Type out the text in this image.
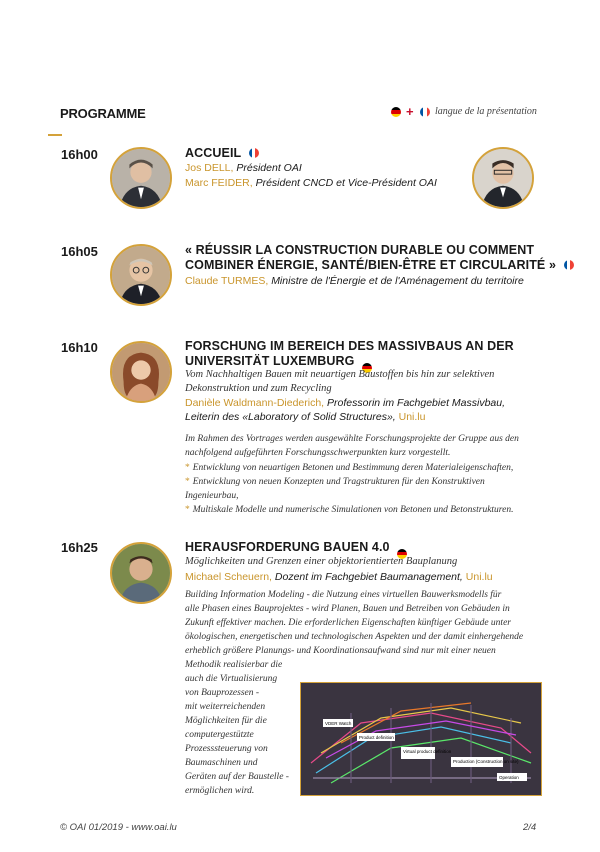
PROGRAMME	+ langue de la présentation
16h00	ACCUEIL
Jos DELL, Président OAI
Marc FEIDER, Président CNCD et Vice-Président OAI
16h05	« RÉUSSIR LA CONSTRUCTION DURABLE OU COMMENT
COMBINER ÉNERGIE, SANTÉ/BIEN-ÊTRE ET CIRCULARITÉ »
Claude TURMES, Ministre de l'Énergie et de l'Aménagement du territoire
16h10	FORSCHUNG IM BEREICH DES MASSIVBAUS AN DER
UNIVERSITÄT LUXEMBURG
Vom Nachhaltigen Bauen mit neuartigen Baustoffen bis hin zur selektiven
Dekonstruktion und zum Recycling
Danièle Waldmann-Diederich, Professorin im Fachgebiet Massivbau,
Leiterin des «Laboratory of Solid Structures», Uni.lu
Im Rahmen des Vortrages werden ausgewählte Forschungsprojekte der Gruppe aus den
nachfolgend aufgeführten Forschungsschwerpunkten kurz vorgestellt.
* Entwicklung von neuartigen Betonen und Bestimmung deren Materialeigenschaften,
* Entwicklung von neuen Konzepten und Tragstrukturen für den Konstruktiven
Ingenieurbau,
* Multiskale Modelle und numerische Simulationen von Betonen und Betonstrukturen.
16h25	HERAUSFORDERUNG BAUEN 4.0
Möglichkeiten und Grenzen einer objektorientierten Bauplanung
Michael Scheuern, Dozent im Fachgebiet Baumanagement, Uni.lu
Building Information Modeling - die Nutzung eines virtuellen Bauwerksmodells für
alle Phasen eines Bauprojektes - wird Planen, Bauen und Betreiben von Gebäuden in
Zukunft effektiver machen. Die erforderlichen Eigenschaften künftiger Gebäude unter
ökologischen, energetischen und technologischen Aspekten und der damit einhergehende
erheblich größere Planungs- und Koordinationsaufwand sind nur mit einer neuen
Methodik realisierbar die
auch die Virtualisierung
von Bauprozessen -
mit weiterreichenden
Möglichkeiten für die
computergestützte
Prozesssteuerung von
Baumaschinen und
Geräten auf der Baustelle -
ermöglichen wird.
VDER Watch
Product definition
Virtual product definition
Production (Construction on site)
Operation
© OAI 01/2019 - www.oai.lu	2/4
